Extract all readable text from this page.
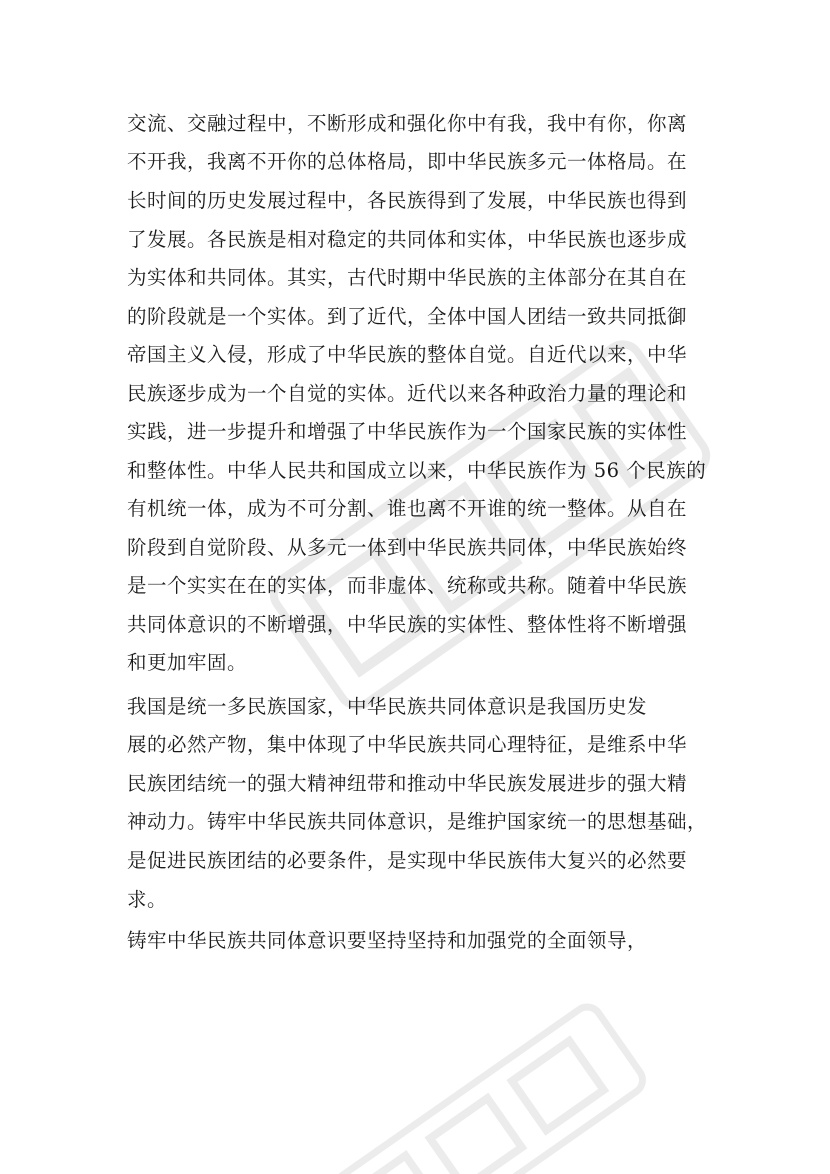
交流、交融过程中，不断形成和强化你中有我，我中有你，你离
不开我，我离不开你的总体格局，即中华民族多元一体格局。在
长时间的历史发展过程中，各民族得到了发展，中华民族也得到
了发展。各民族是相对稳定的共同体和实体，中华民族也逐步成
为实体和共同体。其实，古代时期中华民族的主体部分在其自在
的阶段就是一个实体。到了近代，全体中国人团结一致共同抵御
帝国主义入侵，形成了中华民族的整体自觉。自近代以来，中华
民族逐步成为一个自觉的实体。近代以来各种政治力量的理论和
实践，进一步提升和增强了中华民族作为一个国家民族的实体性
和整体性。中华人民共和国成立以来，中华民族作为 56 个民族的
有机统一体，成为不可分割、谁也离不开谁的统一整体。从自在
阶段到自觉阶段、从多元一体到中华民族共同体，中华民族始终
是一个实实在在的实体，而非虚体、统称或共称。随着中华民族
共同体意识的不断增强，中华民族的实体性、整体性将不断增强
和更加牢固。
我国是统一多民族国家，中华民族共同体意识是我国历史发
展的必然产物，集中体现了中华民族共同心理特征，是维系中华
民族团结统一的强大精神纽带和推动中华民族发展进步的强大精
神动力。铸牢中华民族共同体意识，是维护国家统一的思想基础，
是促进民族团结的必要条件，是实现中华民族伟大复兴的必然要
求。
铸牢中华民族共同体意识要坚持坚持和加强党的全面领导，
